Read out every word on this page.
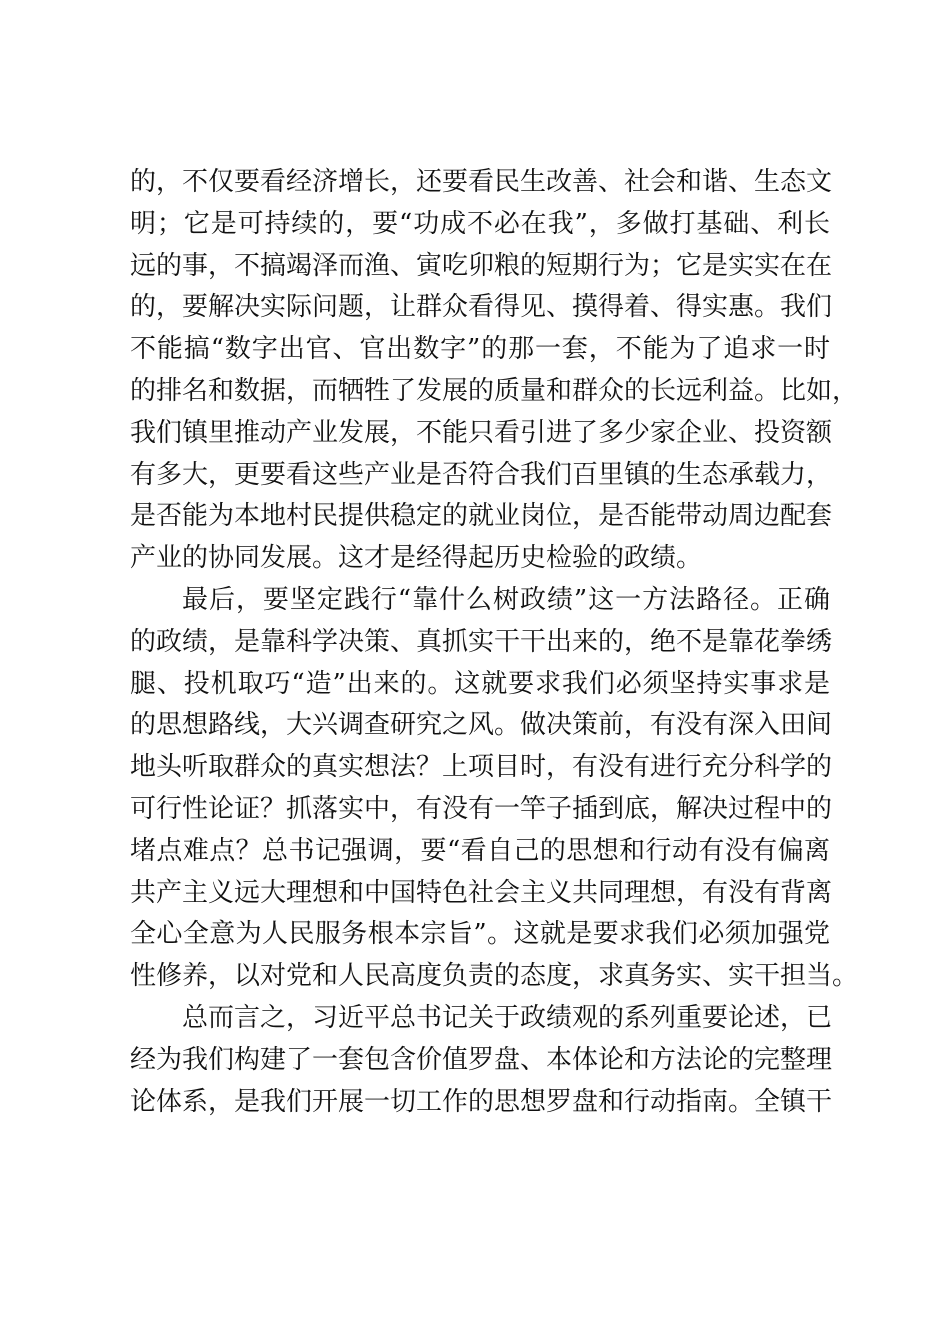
的，不仅要看经济增长，还要看民生改善、社会和谐、生态文
明；它是可持续的，要“功成不必在我”，多做打基础、利长
远的事，不搞竭泽而渔、寅吃卯粮的短期行为；它是实实在在
的，要解决实际问题，让群众看得见、摸得着、得实惠。我们
不能搞“数字出官、官出数字”的那一套，不能为了追求一时
的排名和数据，而牺牲了发展的质量和群众的长远利益。比如，
我们镇里推动产业发展，不能只看引进了多少家企业、投资额
有多大，更要看这些产业是否符合我们百里镇的生态承载力，
是否能为本地村民提供稳定的就业岗位，是否能带动周边配套
产业的协同发展。这才是经得起历史检验的政绩。
最后，要坚定践行“靠什么树政绩”这一方法路径。正确
的政绩，是靠科学决策、真抓实干干出来的，绝不是靠花拳绣
腿、投机取巧“造”出来的。这就要求我们必须坚持实事求是
的思想路线，大兴调查研究之风。做决策前，有没有深入田间
地头听取群众的真实想法？上项目时，有没有进行充分科学的
可行性论证？抓落实中，有没有一竿子插到底，解决过程中的
堵点难点？总书记强调，要“看自己的思想和行动有没有偏离
共产主义远大理想和中国特色社会主义共同理想，有没有背离
全心全意为人民服务根本宗旨”。这就是要求我们必须加强党
性修养，以对党和人民高度负责的态度，求真务实、实干担当。
总而言之，习近平总书记关于政绩观的系列重要论述，已
经为我们构建了一套包含价值罗盘、本体论和方法论的完整理
论体系，是我们开展一切工作的思想罗盘和行动指南。全镇干
